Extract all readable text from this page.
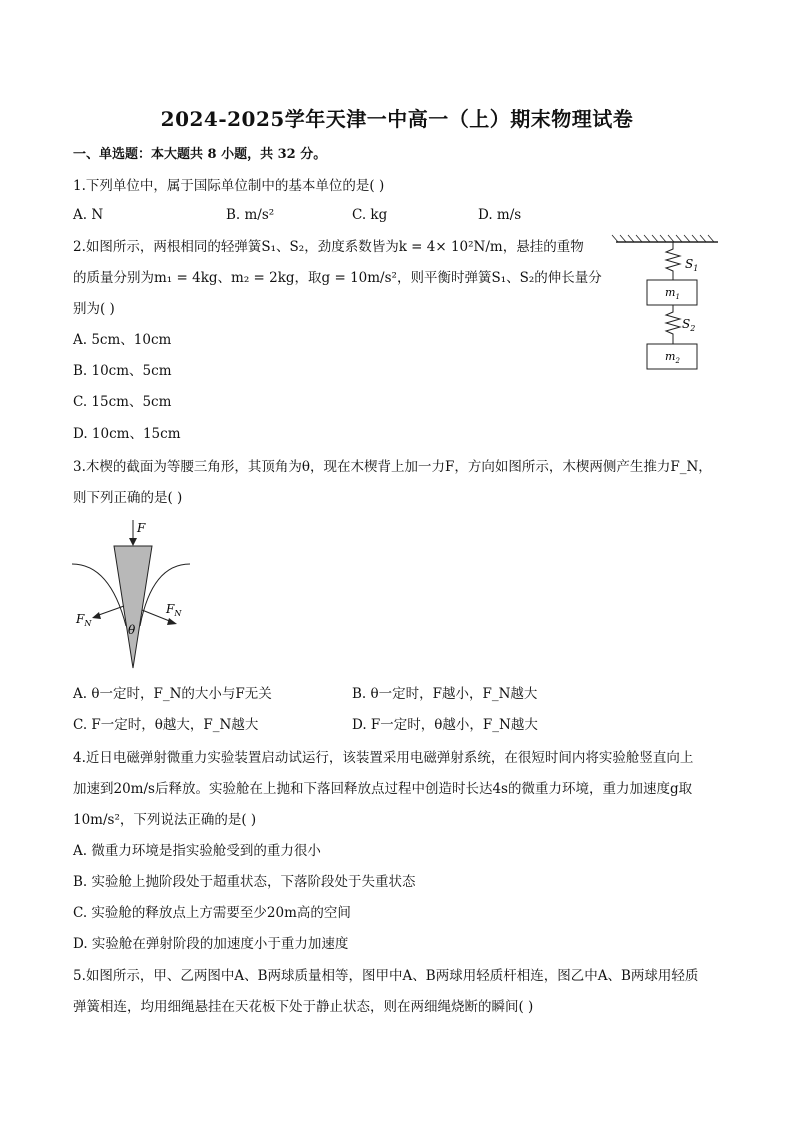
2024-2025学年天津一中高一（上）期末物理试卷
一、单选题：本大题共 8 小题，共 32 分。
1.下列单位中，属于国际单位制中的基本单位的是( )
A. N	B. m/s²	C. kg	D. m/s
2.如图所示，两根相同的轻弹簧S₁、S₂，劲度系数皆为k = 4× 10²N/m，悬挂的重物
的质量分别为m₁ = 4kg、m₂ = 2kg，取g = 10m/s²，则平衡时弹簧S₁、S₂的伸长量分
别为( )
A. 5cm、10cm
B. 10cm、5cm
C. 15cm、5cm
D. 10cm、15cm
$S_1$
$m_1$
$S_2$
$m_2$
3.木楔的截面为等腰三角形，其顶角为θ，现在木楔背上加一力F，方向如图所示，木楔两侧产生推力F_N，
则下列正确的是( )
F
$F_N$
$F_N$
θ
A. θ一定时，F_N的大小与F无关	B. θ一定时，F越小，F_N越大
C. F一定时，θ越大，F_N越大	D. F一定时，θ越小，F_N越大
4.近日电磁弹射微重力实验装置启动试运行，该装置采用电磁弹射系统，在很短时间内将实验舱竖直向上
加速到20m/s后释放。实验舱在上抛和下落回释放点过程中创造时长达4s的微重力环境，重力加速度g取
10m/s²，下列说法正确的是( )
A. 微重力环境是指实验舱受到的重力很小
B. 实验舱上抛阶段处于超重状态，下落阶段处于失重状态
C. 实验舱的释放点上方需要至少20m高的空间
D. 实验舱在弹射阶段的加速度小于重力加速度
5.如图所示，甲、乙两图中A、B两球质量相等，图甲中A、B两球用轻质杆相连，图乙中A、B两球用轻质
弹簧相连，均用细绳悬挂在天花板下处于静止状态，则在两细绳烧断的瞬间( )
